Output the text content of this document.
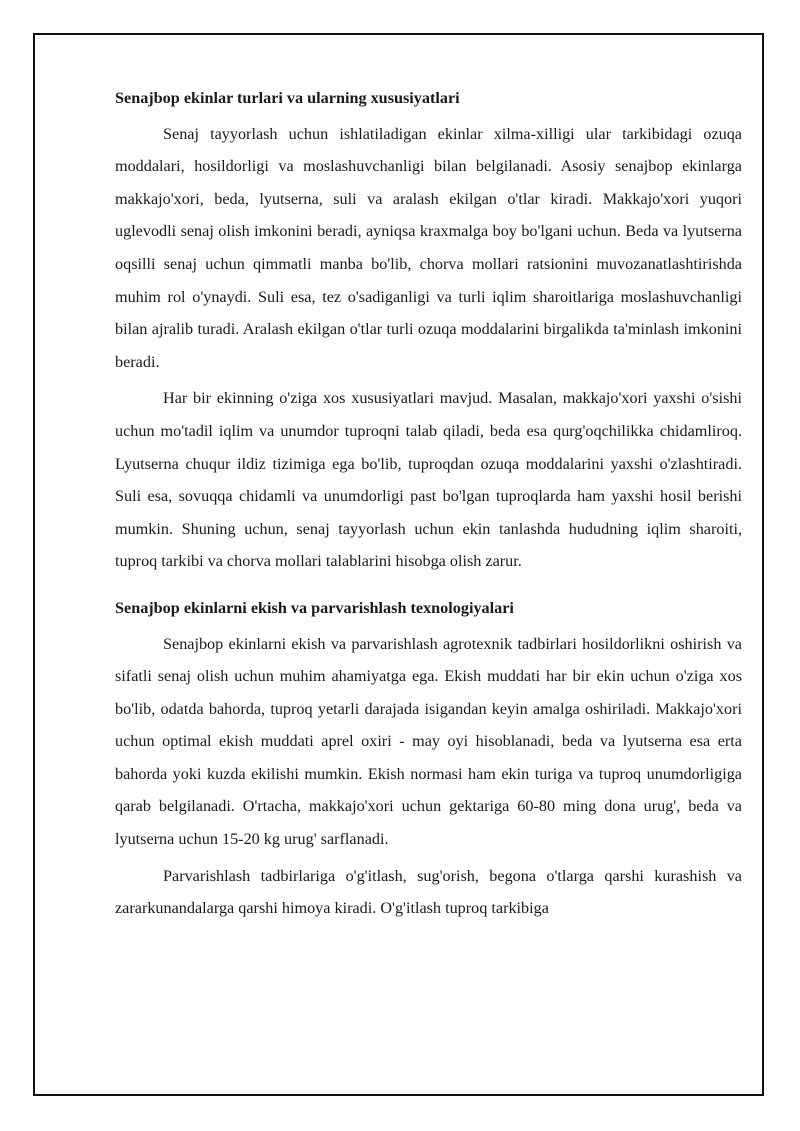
Senajbop ekinlar turlari va ularning xususiyatlari

Senaj tayyorlash uchun ishlatiladigan ekinlar xilma-xilligi ular tarkibidagi ozuqa moddalari, hosildorligi va moslashuvchanligi bilan belgilanadi. Asosiy senajbop ekinlarga makkajo'xori, beda, lyutserna, suli va aralash ekilgan o'tlar kiradi. Makkajo'xori yuqori uglevodli senaj olish imkonini beradi, ayniqsa kraxmalga boy bo'lgani uchun. Beda va lyutserna oqsilli senaj uchun qimmatli manba bo'lib, chorva mollari ratsionini muvozanatlashtirishda muhim rol o'ynaydi. Suli esa, tez o'sadiganligi va turli iqlim sharoitlariga moslashuvchanligi bilan ajralib turadi. Aralash ekilgan o'tlar turli ozuqa moddalarini birgalikda ta'minlash imkonini beradi.

Har bir ekinning o'ziga xos xususiyatlari mavjud. Masalan, makkajo'xori yaxshi o'sishi uchun mo'tadil iqlim va unumdor tuproqni talab qiladi, beda esa qurg'oqchilikka chidamliroq. Lyutserna chuqur ildiz tizimiga ega bo'lib, tuproqdan ozuqa moddalarini yaxshi o'zlashtiradi. Suli esa, sovuqqa chidamli va unumdorligi past bo'lgan tuproqlarda ham yaxshi hosil berishi mumkin. Shuning uchun, senaj tayyorlash uchun ekin tanlashda hududning iqlim sharoiti, tuproq tarkibi va chorva mollari talablarini hisobga olish zarur.

Senajbop ekinlarni ekish va parvarishlash texnologiyalari

Senajbop ekinlarni ekish va parvarishlash agrotexnik tadbirlari hosildorlikni oshirish va sifatli senaj olish uchun muhim ahamiyatga ega. Ekish muddati har bir ekin uchun o'ziga xos bo'lib, odatda bahorda, tuproq yetarli darajada isigandan keyin amalga oshiriladi. Makkajo'xori uchun optimal ekish muddati aprel oxiri - may oyi hisoblanadi, beda va lyutserna esa erta bahorda yoki kuzda ekilishi mumkin. Ekish normasi ham ekin turiga va tuproq unumdorligiga qarab belgilanadi. O'rtacha, makkajo'xori uchun gektariga 60-80 ming dona urug', beda va lyutserna uchun 15-20 kg urug' sarflanadi.

Parvarishlash tadbirlariga o'g'itlash, sug'orish, begona o'tlarga qarshi kurashish va zararkunandalarga qarshi himoya kiradi. O'g'itlash tuproq tarkibiga
